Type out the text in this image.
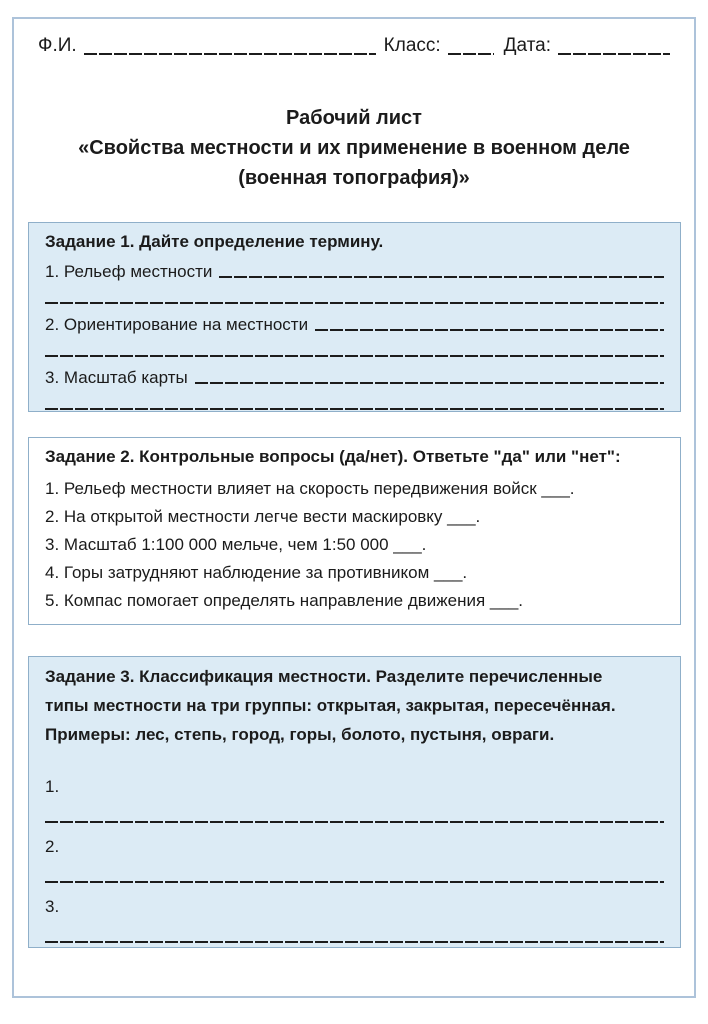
Ф.И.	Класс:	Дата:
Рабочий лист
«Свойства местности и их применение в военном деле
(военная топография)»
Задание 1. Дайте определение термину.
1. Рельеф местности
2. Ориентирование на местности
3. Масштаб карты
Задание 2. Контрольные вопросы (да/нет). Ответьте "да" или "нет":
1. Рельеф местности влияет на скорость передвижения войск ___.
2. На открытой местности легче вести маскировку ___.
3. Масштаб 1:100 000 мельче, чем 1:50 000 ___.
4. Горы затрудняют наблюдение за противником ___.
5. Компас помогает определять направление движения ___.
Задание 3. Классификация местности. Разделите перечисленные
типы местности на три группы: открытая, закрытая, пересечённая.
Примеры: лес, степь, город, горы, болото, пустыня, овраги.
1.
2.
3.
